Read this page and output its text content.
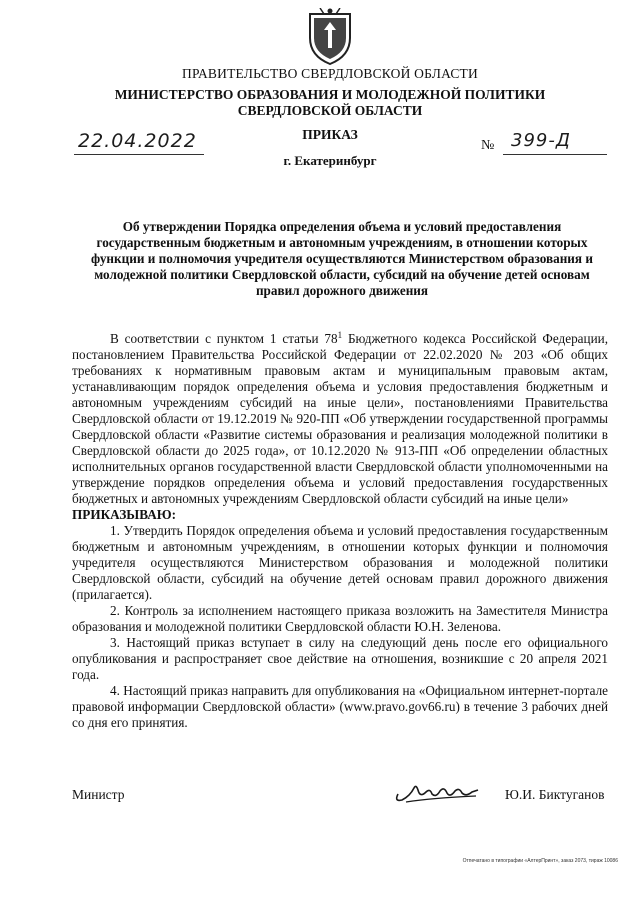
ПРАВИТЕЛЬСТВО СВЕРДЛОВСКОЙ ОБЛАСТИ
МИНИСТЕРСТВО ОБРАЗОВАНИЯ И МОЛОДЕЖНОЙ ПОЛИТИКИ
СВЕРДЛОВСКОЙ ОБЛАСТИ
ПРИКАЗ
22.04.2022	№ 399-Д
г. Екатеринбург
Об утверждении Порядка определения объема и условий предоставления государственным бюджетным и автономным учреждениям, в отношении которых функции и полномочия учредителя осуществляются Министерством образования и молодежной политики Свердловской области, субсидий на обучение детей основам правил дорожного движения

В соответствии с пунктом 1 статьи $78^1$ Бюджетного кодекса Российской Федерации, постановлением Правительства Российской Федерации от 22.02.2020 № 203 «Об общих требованиях к нормативным правовым актам и муниципальным правовым актам, устанавливающим порядок определения объема и условия предоставления бюджетным и автономным учреждениям субсидий на иные цели», постановлениями Правительства Свердловской области от 19.12.2019 № 920-ПП «Об утверждении государственной программы Свердловской области «Развитие системы образования и реализация молодежной политики в Свердловской области до 2025 года», от 10.12.2020 № 913-ПП «Об определении областных исполнительных органов государственной власти Свердловской области уполномоченными на утверждение порядков определения объема и условий предоставления государственных бюджетных и автономных учреждениям Свердловской области субсидий на иные цели»

ПРИКАЗЫВАЮ:

1. Утвердить Порядок определения объема и условий предоставления государственным бюджетным и автономным учреждениям, в отношении которых функции и полномочия учредителя осуществляются Министерством образования и молодежной политики Свердловской области, субсидий на обучение детей основам правил дорожного движения (прилагается).

2. Контроль за исполнением настоящего приказа возложить на Заместителя Министра образования и молодежной политики Свердловской области Ю.Н. Зеленова.

3. Настоящий приказ вступает в силу на следующий день после его официального опубликования и распространяет свое действие на отношения, возникшие с 20 апреля 2021 года.

4. Настоящий приказ направить для опубликования на «Официальном интернет-портале правовой информации Свердловской области» (www.pravo.gov66.ru) в течение 3 рабочих дней со дня его принятия.

Министр	Ю.И. Биктуганов
Отпечатано в типографии «АлтерПринт», заказ 2073, тираж 10086
